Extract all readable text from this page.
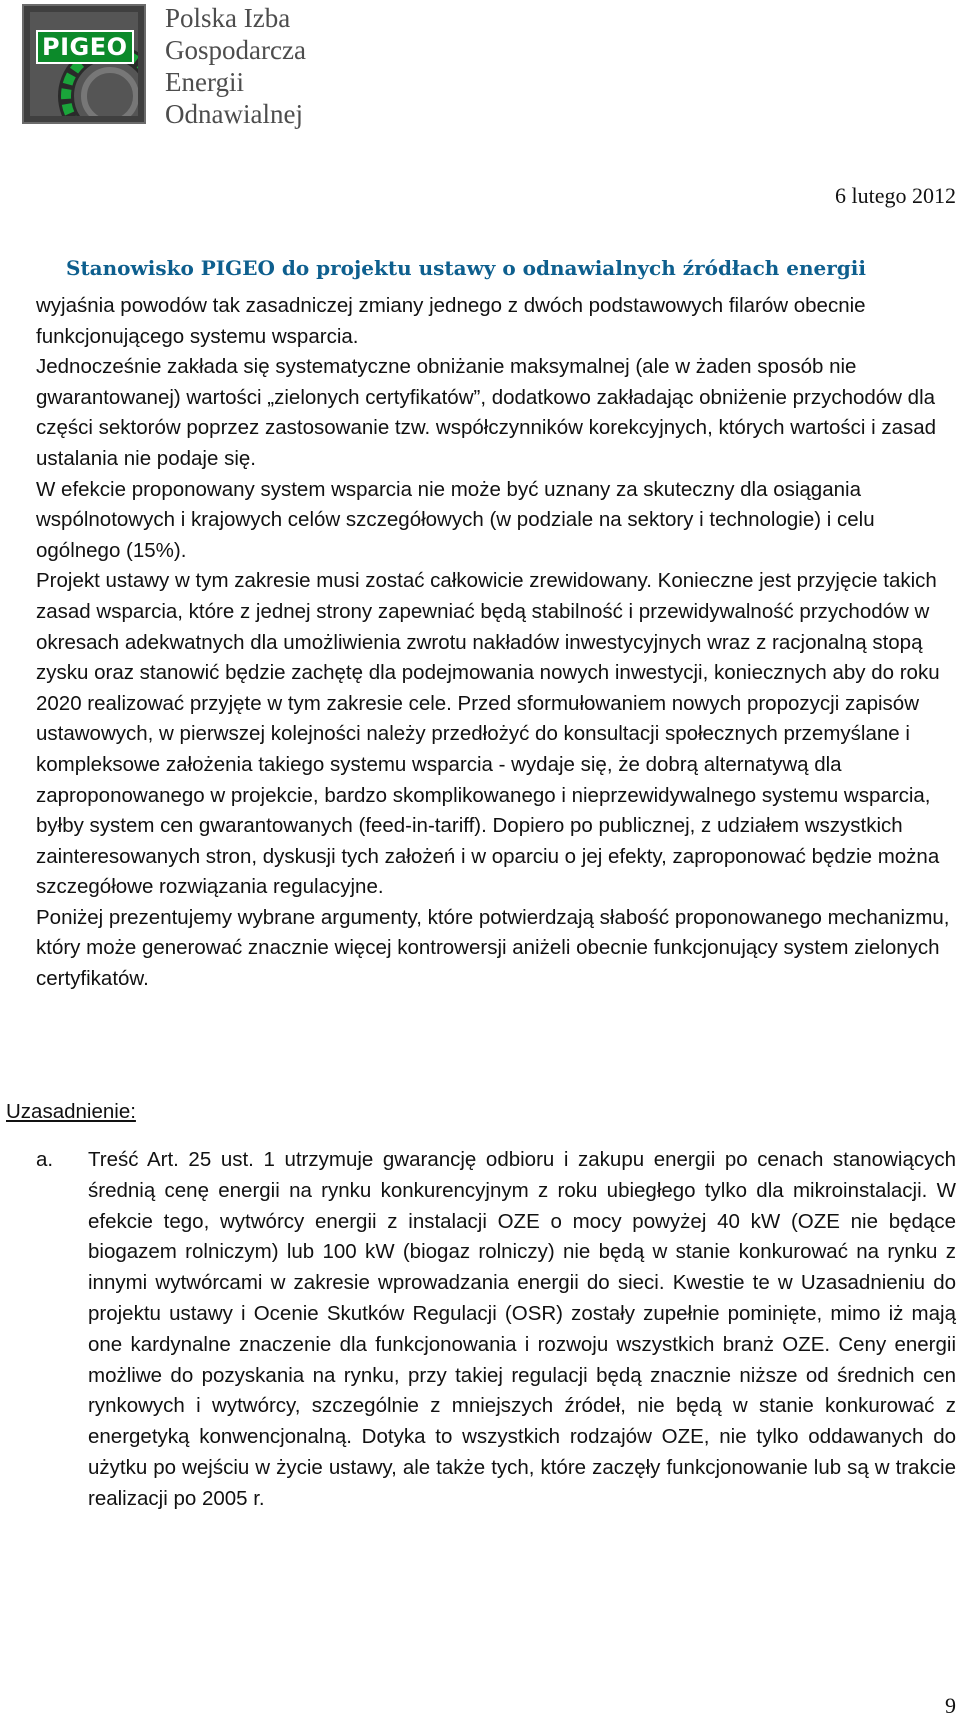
PIGEO
Polska Izba
Gospodarcza
Energii
Odnawialnej
6 lutego 2012
Stanowisko PIGEO do projektu ustawy o odnawialnych źródłach energii

wyjaśnia powodów tak zasadniczej zmiany jednego z dwóch podstawowych filarów obecnie funkcjonującego systemu wsparcia.

Jednocześnie zakłada się systematyczne obniżanie maksymalnej (ale w żaden sposób nie gwarantowanej) wartości „zielonych certyfikatów”, dodatkowo zakładając obniżenie przychodów dla części sektorów poprzez zastosowanie tzw. współczynników korekcyjnych, których wartości i zasad ustalania nie podaje się.

W efekcie proponowany system wsparcia nie może być uznany za skuteczny dla osiągania wspólnotowych i krajowych celów szczegółowych (w podziale na sektory i technologie) i celu ogólnego (15%).

Projekt ustawy w tym zakresie musi zostać całkowicie zrewidowany. Konieczne jest przyjęcie takich zasad wsparcia, które z jednej strony zapewniać będą stabilność i przewidywalność przychodów w okresach adekwatnych dla umożliwienia zwrotu nakładów inwestycyjnych wraz z racjonalną stopą zysku oraz stanowić będzie zachętę dla podejmowania nowych inwestycji, koniecznych aby do roku 2020 realizować przyjęte w tym zakresie cele. Przed sformułowaniem nowych propozycji zapisów ustawowych, w pierwszej kolejności należy przedłożyć do konsultacji społecznych przemyślane i kompleksowe założenia takiego systemu wsparcia - wydaje się, że dobrą alternatywą dla zaproponowanego w projekcie, bardzo skomplikowanego i nieprzewidywalnego systemu wsparcia, byłby system cen gwarantowanych (feed-in-tariff). Dopiero po publicznej, z udziałem wszystkich zainteresowanych stron, dyskusji tych założeń i w oparciu o jej efekty, zaproponować będzie można szczegółowe rozwiązania regulacyjne.

Poniżej prezentujemy wybrane argumenty, które potwierdzają słabość proponowanego mechanizmu, który może generować znacznie więcej kontrowersji aniżeli obecnie funkcjonujący system zielonych certyfikatów.

Uzasadnienie:
a.	Treść Art. 25 ust. 1 utrzymuje gwarancję odbioru i zakupu energii po cenach stanowiących średnią cenę energii na rynku konkurencyjnym z roku ubiegłego tylko dla mikroinstalacji. W efekcie tego, wytwórcy energii z instalacji OZE o mocy powyżej 40 kW (OZE nie będące biogazem rolniczym) lub 100 kW (biogaz rolniczy) nie będą w stanie konkurować na rynku z innymi wytwórcami w zakresie wprowadzania energii do sieci. Kwestie te w Uzasadnieniu do projektu ustawy i Ocenie Skutków Regulacji (OSR) zostały zupełnie pominięte, mimo iż mają one kardynalne znaczenie dla funkcjonowania i rozwoju wszystkich branż OZE. Ceny energii możliwe do pozyskania na rynku, przy takiej regulacji będą znacznie niższe od średnich cen rynkowych i wytwórcy, szczególnie z mniejszych źródeł, nie będą w stanie konkurować z energetyką konwencjonalną. Dotyka to wszystkich rodzajów OZE, nie tylko oddawanych do użytku po wejściu w życie ustawy, ale także tych, które zaczęły funkcjonowanie lub są w trakcie realizacji po 2005 r.
9
